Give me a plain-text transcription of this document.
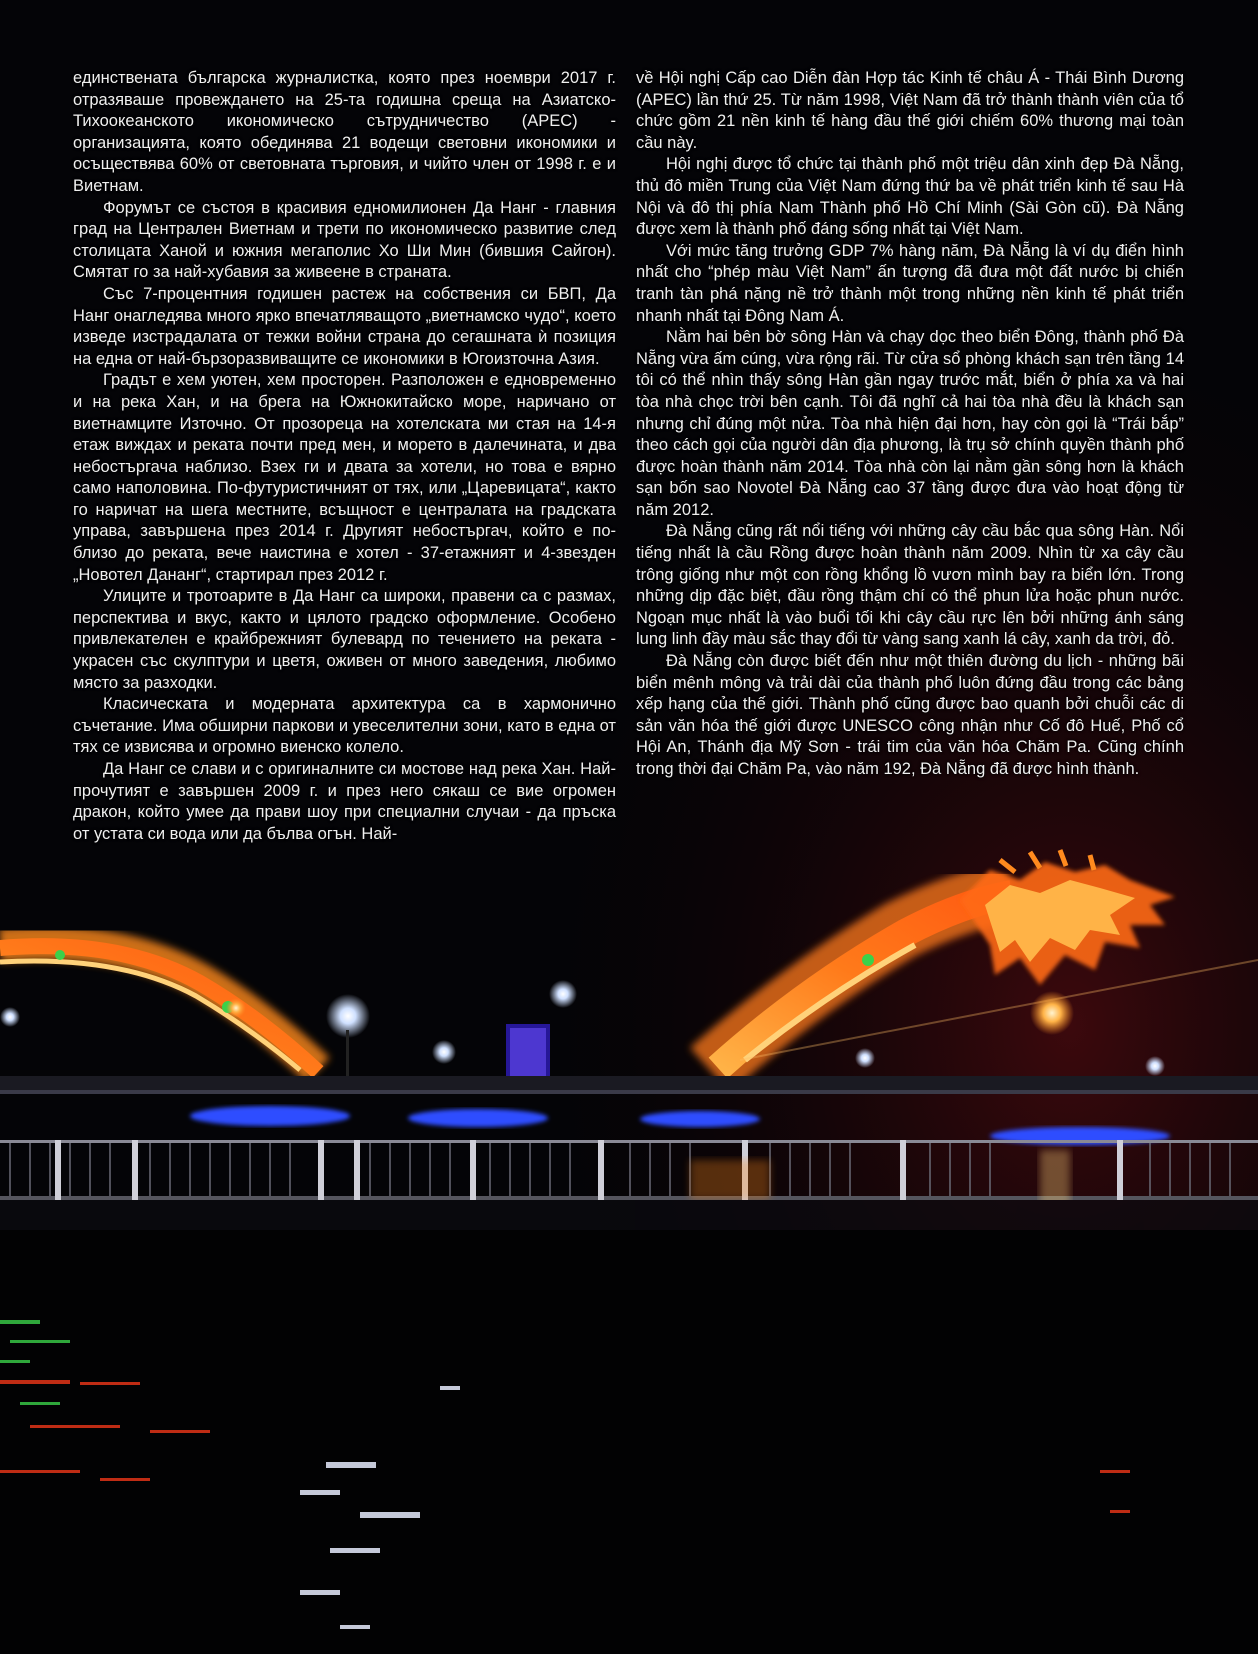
единствената българска журналистка, която през ноември 2017 г. отразяваше провеждането на 25-та годишна среща на Азиатско-Тихоокеанското икономическо сътрудничество (АРЕС) - организацията, която обединява 21 водещи световни икономики и осъществява 60% от световната търговия, и чийто член от 1998 г. е и Виетнам.

Форумът се състоя в красивия едномилионен Да Нанг - главния град на Централен Виетнам и трети по икономическо развитие след столицата Ханой и южния мегаполис Хо Ши Мин (бившия Сайгон). Смятат го за най-хубавия за живеене в страната.

Със 7-процентния годишен растеж на собствения си БВП, Да Нанг онагледява много ярко впечатляващото „виетнамско чудо“, което изведе изстрадалата от тежки войни страна до сегашната ѝ позиция на една от най-бързоразвиващите се икономики в Югоизточна Азия.

Градът е хем уютен, хем просторен. Разположен е едновременно и на река Хан, и на брега на Южнокитайско море, наричано от виетнамците Източно. От прозореца на хотелската ми стая на 14-я етаж виждах и реката почти пред мен, и морето в далечината, и два небостъргача наблизо. Взех ги и двата за хотели, но това е вярно само наполовина. По-футуристичният от тях, или „Царевицата“, както го наричат на шега местните, всъщност е централата на градската управа, завършена през 2014 г. Другият небостъргач, който е по-близо до реката, вече наистина е хотел - 37-етажният и 4-звезден „Новотел Дананг“, стартирал през 2012 г.

Улиците и тротоарите в Да Нанг са широки, правени са с размах, перспектива и вкус, както и цялото градско оформление. Особено привлекателен е крайбрежният булевард по течението на реката - украсен със скулптури и цветя, оживен от много заведения, любимо място за разходки.

Класическата и модерната архитектура са в хармонично съчетание. Има обширни паркови и увеселителни зони, като в една от тях се извисява и огромно виенско колело.

Да Нанг се слави и с оригиналните си мостове над река Хан. Най-прочутият е завършен 2009 г. и през него сякаш се вие огромен дракон, който умее да прави шоу при специални случаи - да пръска от устата си вода или да бълва огън. Най-

về Hội nghị Cấp cao Diễn đàn Hợp tác Kinh tế châu Á - Thái Bình Dương (APEC) lần thứ 25. Từ năm 1998, Việt Nam đã trở thành thành viên của tổ chức gồm 21 nền kinh tế hàng đầu thế giới chiếm 60% thương mại toàn cầu này.

Hội nghị được tổ chức tại thành phố một triệu dân xinh đẹp Đà Nẵng, thủ đô miền Trung của Việt Nam đứng thứ ba về phát triển kinh tế sau Hà Nội và đô thị phía Nam Thành phố Hồ Chí Minh (Sài Gòn cũ). Đà Nẵng được xem là thành phố đáng sống nhất tại Việt Nam.

Với mức tăng trưởng GDP 7% hàng năm, Đà Nẵng là ví dụ điển hình nhất cho “phép màu Việt Nam” ấn tượng đã đưa một đất nước bị chiến tranh tàn phá nặng nề trở thành một trong những nền kinh tế phát triển nhanh nhất tại Đông Nam Á.

Nằm hai bên bờ sông Hàn và chạy dọc theo biển Đông, thành phố Đà Nẵng vừa ấm cúng, vừa rộng rãi. Từ cửa sổ phòng khách sạn trên tầng 14 tôi có thể nhìn thấy sông Hàn gần ngay trước mắt, biển ở phía xa và hai tòa nhà chọc trời bên cạnh. Tôi đã nghĩ cả hai tòa nhà đều là khách sạn nhưng chỉ đúng một nửa. Tòa nhà hiện đại hơn, hay còn gọi là “Trái bắp” theo cách gọi của người dân địa phương, là trụ sở chính quyền thành phố được hoàn thành năm 2014. Tòa nhà còn lại nằm gần sông hơn là khách sạn bốn sao Novotel Đà Nẵng cao 37 tầng được đưa vào hoạt động từ năm 2012.

Đà Nẵng cũng rất nổi tiếng với những cây cầu bắc qua sông Hàn. Nổi tiếng nhất là cầu Rồng được hoàn thành năm 2009. Nhìn từ xa cây cầu trông giống như một con rồng khổng lồ vươn mình bay ra biển lớn. Trong những dịp đặc biệt, đầu rồng thậm chí có thể phun lửa hoặc phun nước. Ngoạn mục nhất là vào buổi tối khi cây cầu rực lên bởi những ánh sáng lung linh đầy màu sắc thay đổi từ vàng sang xanh lá cây, xanh da trời, đỏ.

Đà Nẵng còn được biết đến như một thiên đường du lịch - những bãi biển mênh mông và trải dài của thành phố luôn đứng đầu trong các bảng xếp hạng của thế giới. Thành phố cũng được bao quanh bởi chuỗi các di sản văn hóa thế giới được UNESCO công nhận như Cố đô Huế, Phố cổ Hội An, Thánh địa Mỹ Sơn - trái tim của văn hóa Chăm Pa. Cũng chính trong thời đại Chăm Pa, vào năm 192, Đà Nẵng đã được hình thành.
